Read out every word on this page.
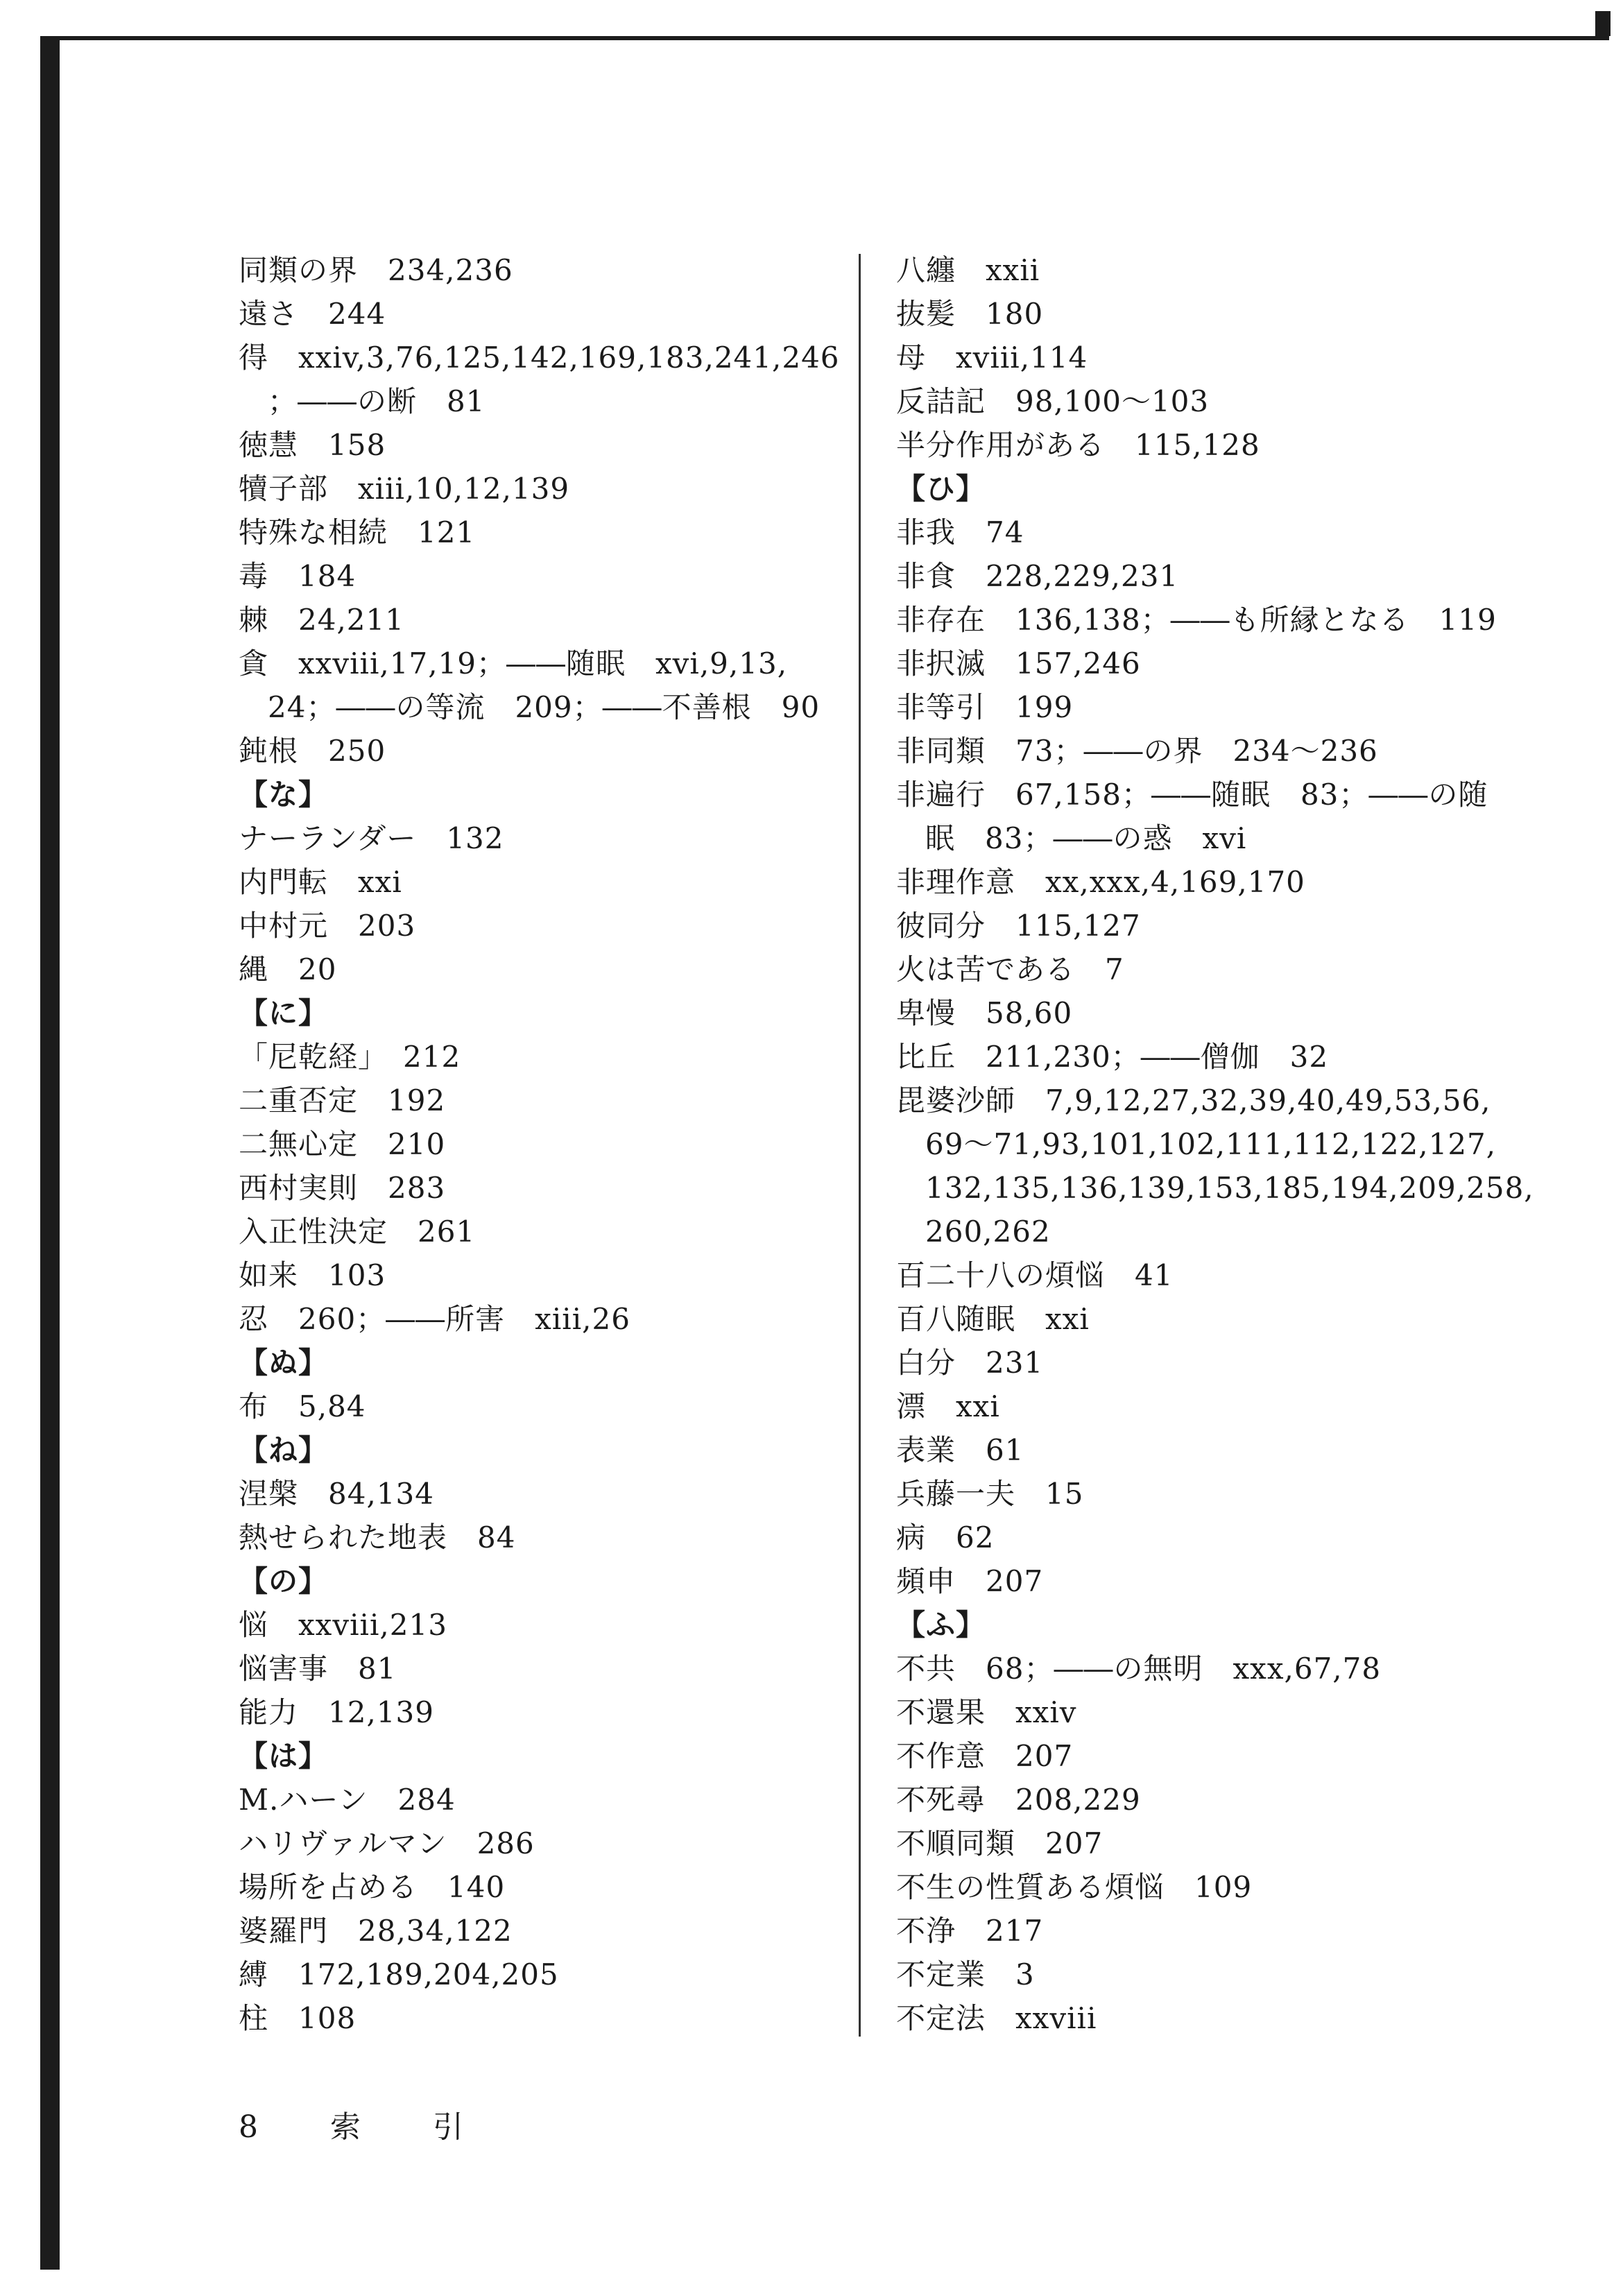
同類の界　234,236
遠さ　244
得　xxiv,3,76,125,142,169,183,241,246
；――の断　81
徳慧　158
犢子部　xiii,10,12,139
特殊な相続　121
毒　184
棘　24,211
貪　xxviii,17,19；――随眠　xvi,9,13,
24；――の等流　209；――不善根　90
鈍根　250
【な】
ナーランダー　132
内門転　xxi
中村元　203
縄　20
【に】
「尼乾経」　212
二重否定　192
二無心定　210
西村実則　283
入正性決定　261
如来　103
忍　260；――所害　xiii,26
【ぬ】
布　5,84
【ね】
涅槃　84,134
熱せられた地表　84
【の】
悩　xxviii,213
悩害事　81
能力　12,139
【は】
M.ハーン　284
ハリヴァルマン　286
場所を占める　140
婆羅門　28,34,122
縛　172,189,204,205
柱　108
八纏　xxii
抜髪　180
母　xviii,114
反詰記　98,100〜103
半分作用がある　115,128
【ひ】
非我　74
非食　228,229,231
非存在　136,138；――も所縁となる　119
非択滅　157,246
非等引　199
非同類　73；――の界　234〜236
非遍行　67,158；――随眠　83；――の随
眠　83；――の惑　xvi
非理作意　xx,xxx,4,169,170
彼同分　115,127
火は苦である　7
卑慢　58,60
比丘　211,230；――僧伽　32
毘婆沙師　7,9,12,27,32,39,40,49,53,56,
69〜71,93,101,102,111,112,122,127,
132,135,136,139,153,185,194,209,258,
260,262
百二十八の煩悩　41
百八随眠　xxi
白分　231
漂　xxi
表業　61
兵藤一夫　15
病　62
頻申　207
【ふ】
不共　68；――の無明　xxx,67,78
不還果　xxiv
不作意　207
不死尋　208,229
不順同類　207
不生の性質ある煩悩　109
不浄　217
不定業　3
不定法　xxviii
8 索 引
